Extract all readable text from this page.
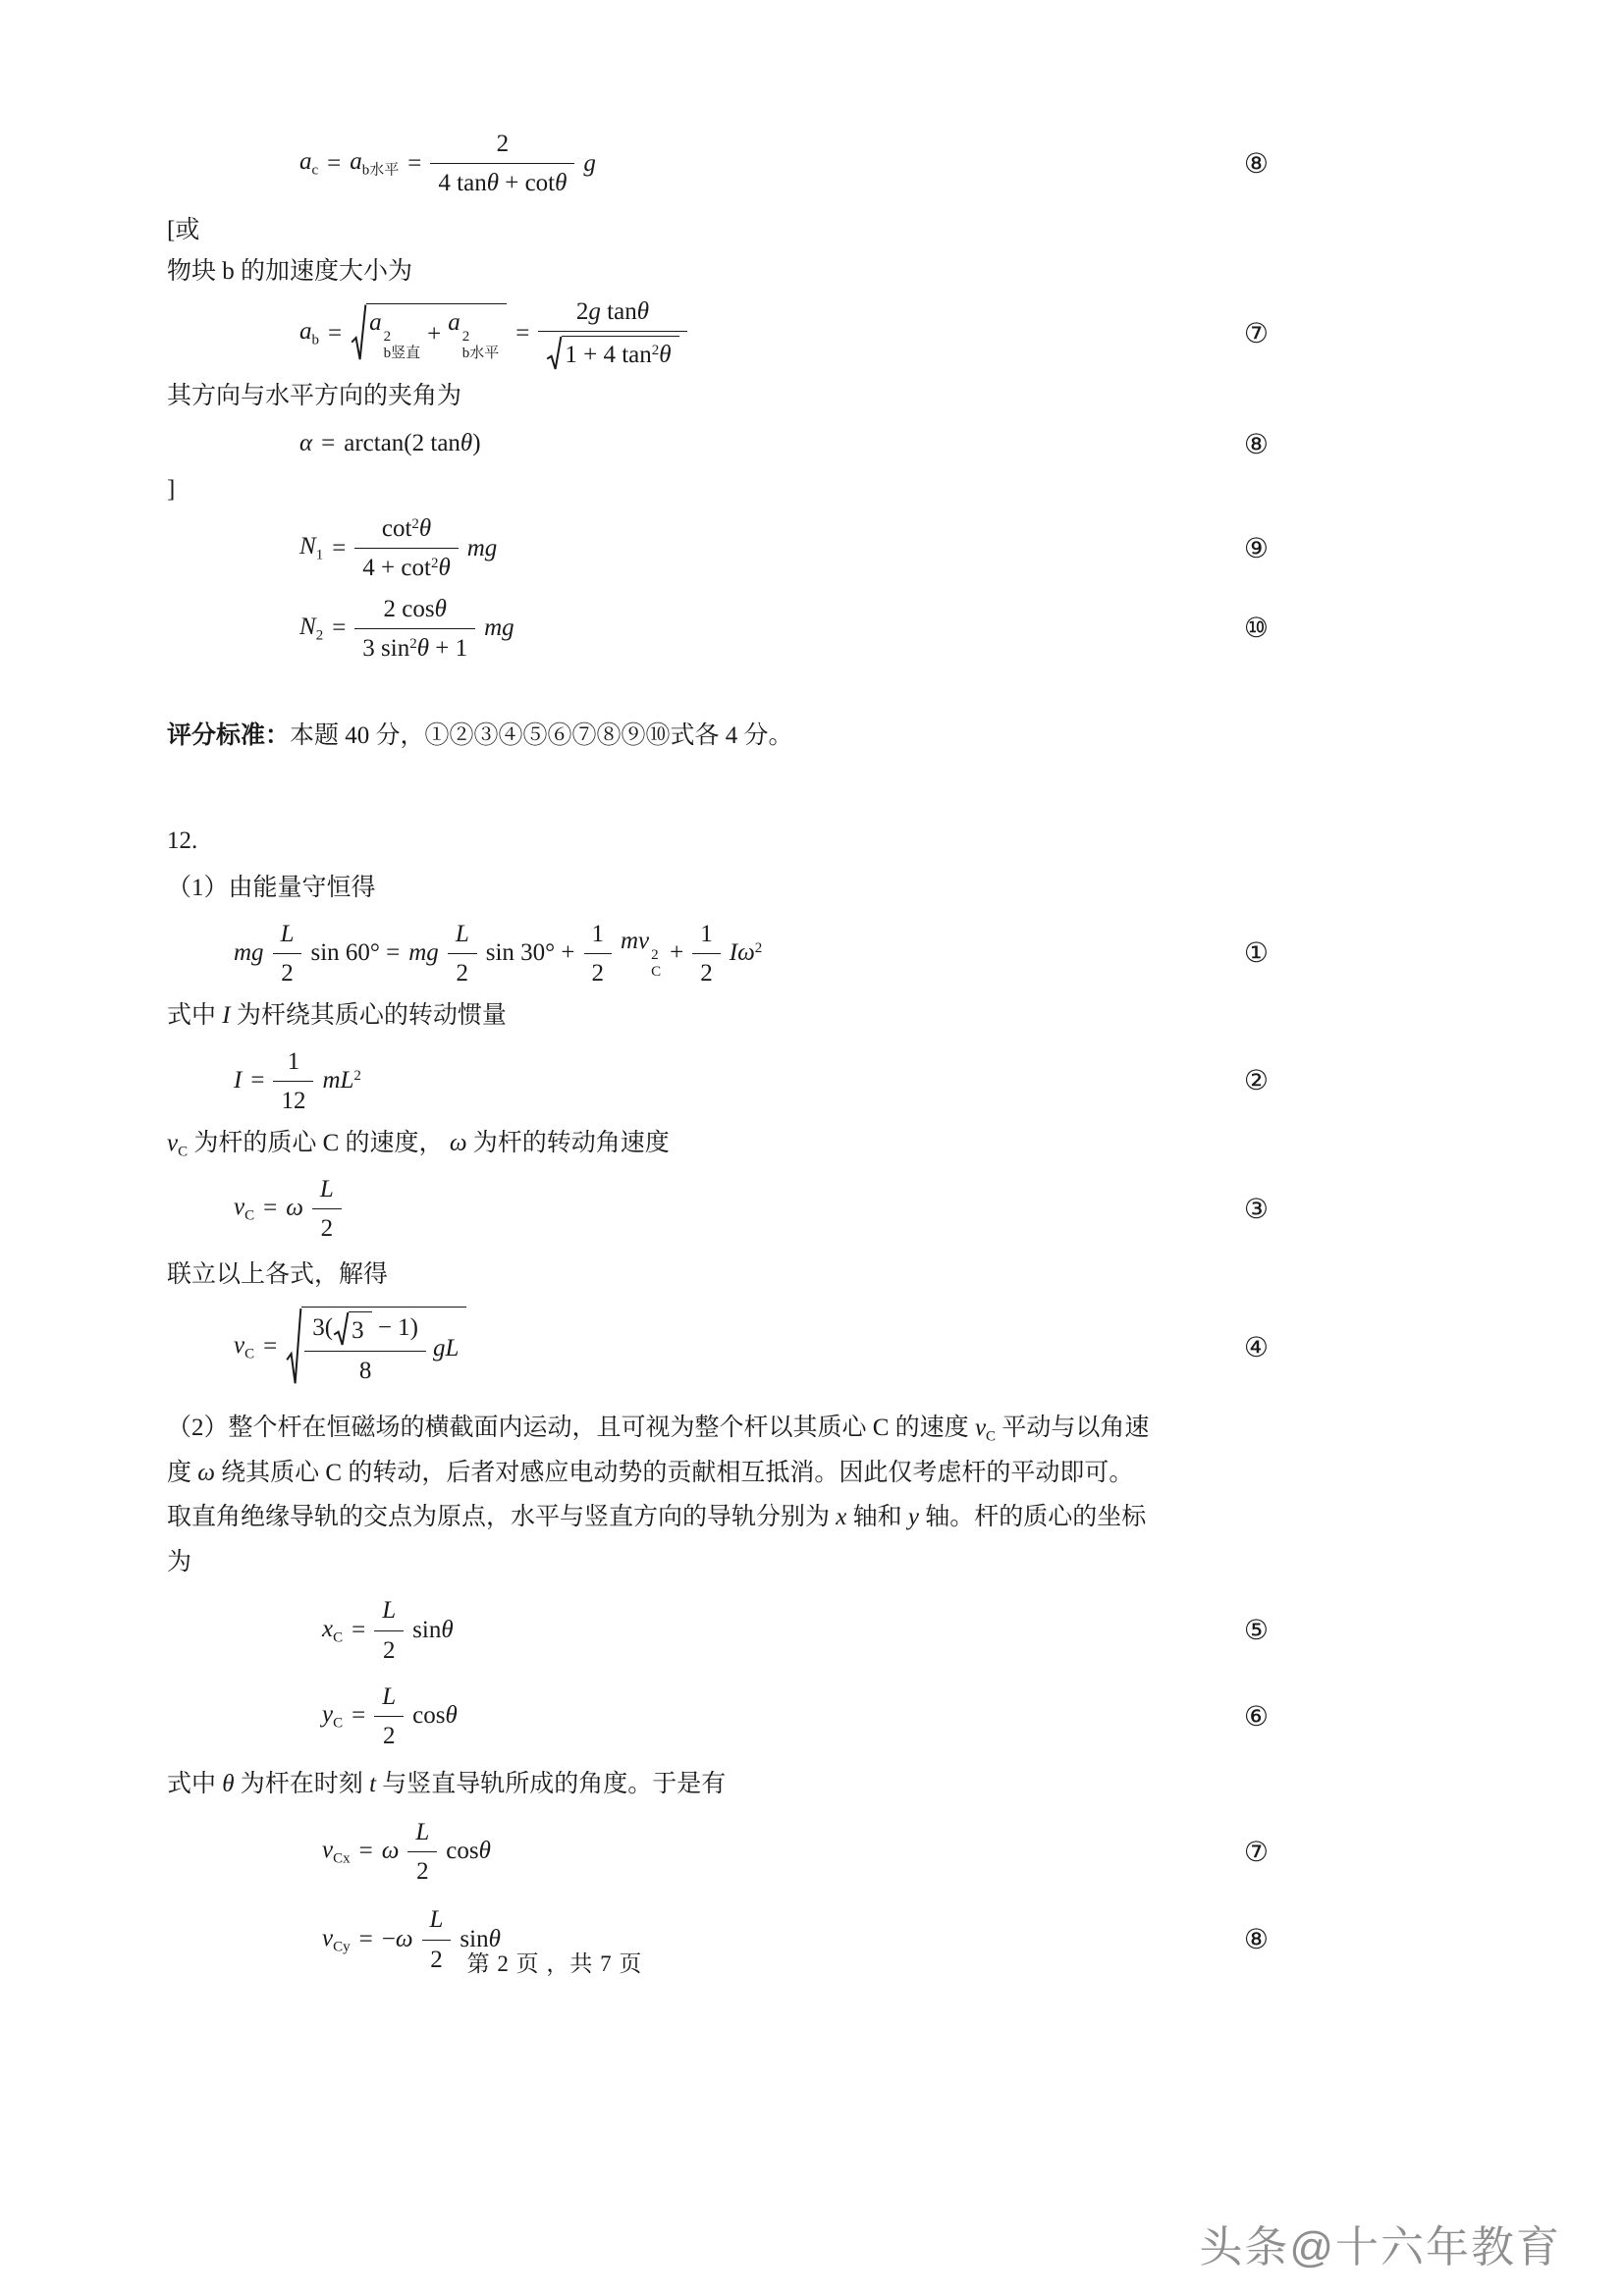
$a_c = a_{b水平} = \frac{2}{4 \tan\theta + \cot\theta}$ g	⑧
[或
物块 b 的加速度大小为
$a_b = a$
2
b竖直
+ a
2
b水平
= $\frac{\text{2g tanθ}}{1 + 4 \tan^2\theta}$	⑦
其方向与水平方向的夹角为
α = arctan(2 tanθ)	⑧
]
$N_1 = \frac{\cot^2\theta}{4 + \cot^2\theta}$ mg	⑨
$N_2 = \frac{2 \cos\theta}{3 \sin^2\theta + 1}$ mg	⑩
评分标准：本题 40 分，①②③④⑤⑥⑦⑧⑨⑩式各 4 分。
12.
（1）由能量守恒得
mg $\frac{L}{2}$ sin 60° = mg $\frac{L}{2}$ $\sin 30^\circ + \frac{1}{2}$ mv
2
C
+ $\frac{1}{2} I\omega^2$	①
式中 I 为杆绕其质心的转动惯量
$I = \frac{1}{12} mL^2$	②
$v_C$ 为杆的质心 C 的速度， ω 为杆的转动角速度
$v_C = \omega \frac{L}{2}$	③
联立以上各式，解得
$v_C = \frac{3( 3 - 1)}{8}$ gL	④
（2）整个杆在恒磁场的横截面内运动，且可视为整个杆以其质心 C 的速度 $v_C$ 平动与以角速
度 ω 绕其质心 C 的转动，后者对感应电动势的贡献相互抵消。因此仅考虑杆的平动即可。
取直角绝缘导轨的交点为原点，水平与竖直方向的导轨分别为 x 轴和 y 轴。杆的质心的坐标
为
$x_C = \frac{L}{2}$ sinθ	⑤
$y_C = \frac{L}{2}$ cosθ	⑥
式中 θ 为杆在时刻 t 与竖直导轨所成的角度。于是有
$v_{Cx} = \omega \frac{L}{2}$ cosθ	⑦
$v_{Cy} = -\omega \frac{L}{2}$ sinθ	⑧
第 2 页 ，共 7 页
头条@十六年教育
